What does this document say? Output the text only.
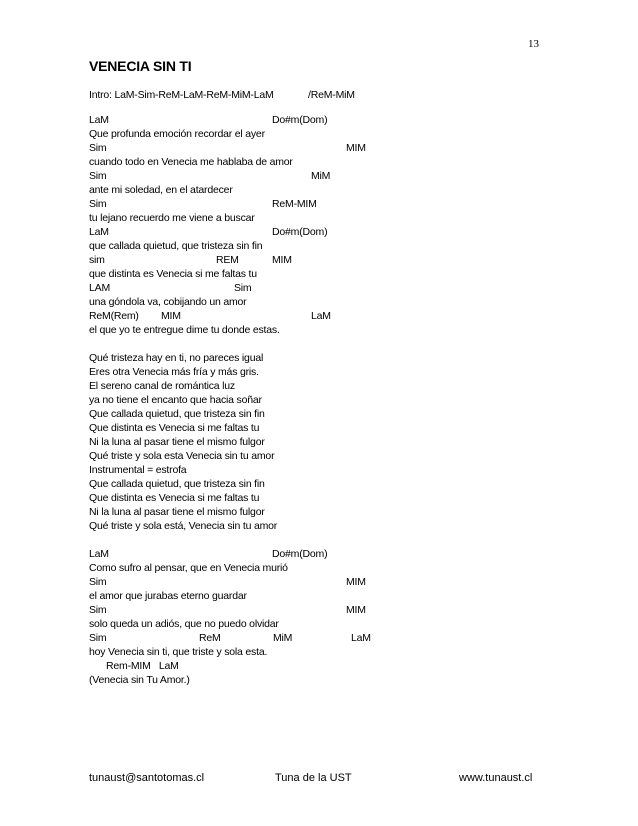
13
VENECIA SIN TI

Intro: LaM-Sim-ReM-LaM-ReM-MiM-LaM

	/ReM-MiM

LaM

	Do#m(Dom)

Que profunda emoción recordar el ayer

Sim

	MIM

cuando todo en Venecia me hablaba de amor

Sim

	MiM

ante mi soledad, en el atardecer

Sim

	ReM-MIM

tu lejano recuerdo me viene a buscar

LaM

	Do#m(Dom)

que callada quietud, que tristeza sin fin

sim

	REM

	MIM

que distinta es Venecia si me faltas tu

LAM

	Sim

una góndola va, cobijando un amor

ReM(Rem)

MIM

	LaM

el que yo te entregue dime tu donde estas.
Qué tristeza hay en ti, no pareces igual
Eres otra Venecia más fría y más gris.
El sereno canal de romántica luz
ya no tiene el encanto que hacia soñar
Que callada quietud, que tristeza sin fin
Que distinta es Venecia si me faltas tu
Ni la luna al pasar tiene el mismo fulgor
Qué triste y sola esta Venecia sin tu amor
Instrumental = estrofa
Que callada quietud, que tristeza sin fin
Que distinta es Venecia si me faltas tu
Ni la luna al pasar tiene el mismo fulgor
Qué triste y sola está, Venecia sin tu amor

LaM

	Do#m(Dom)

Como sufro al pensar, que en Venecia murió

Sim

	MIM

el amor que jurabas eterno guardar

Sim

	MIM

solo queda un adiós, que no puedo olvidar

Sim

	ReM

	MiM

	LaM

hoy Venecia sin ti, que triste y sola esta.
Rem-MIM   LaM
(Venecia sin Tu Amor.)
tunaust@santotomas.cl	Tuna de la UST	www.tunaust.cl
